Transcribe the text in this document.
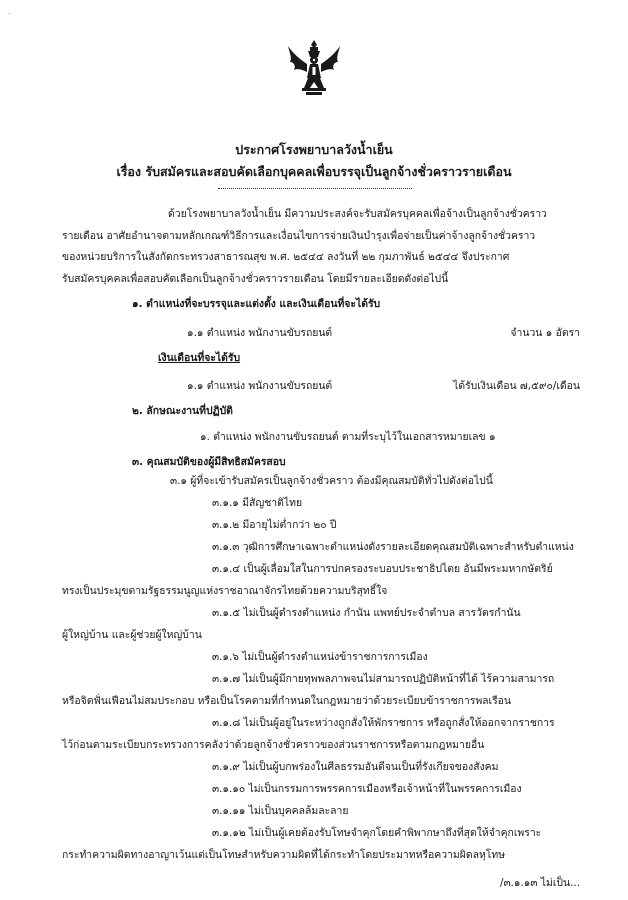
·
ประกาศโรงพยาบาลวังน้ำเย็น
เรื่อง รับสมัครและสอบคัดเลือกบุคคลเพื่อบรรจุเป็นลูกจ้างชั่วคราวรายเดือน
ด้วยโรงพยาบาลวังน้ำเย็น มีความประสงค์จะรับสมัครบุคคลเพื่อจ้างเป็นลูกจ้างชั่วคราว
รายเดือน อาศัยอำนาจตามหลักเกณฑ์วิธีการและเงื่อนไขการจ่ายเงินบำรุงเพื่อจ่ายเป็นค่าจ้างลูกจ้างชั่วคราว
ของหน่วยบริการในสังกัดกระทรวงสาธารณสุข พ.ศ. ๒๕๔๔ ลงวันที่ ๒๒ กุมภาพันธ์ ๒๕๔๔ จึงประกาศ
รับสมัครบุคคลเพื่อสอบคัดเลือกเป็นลูกจ้างชั่วคราวรายเดือน โดยมีรายละเอียดดังต่อไปนี้
๑. ตำแหน่งที่จะบรรจุและแต่งตั้ง และเงินเดือนที่จะได้รับ
๑.๑ ตำแหน่ง พนักงานขับรถยนต์	จำนวน ๑ อัตรา
เงินเดือนที่จะได้รับ
๑.๑ ตำแหน่ง พนักงานขับรถยนต์	ได้รับเงินเดือน ๗,๕๙๐/เดือน
๒. ลักษณะงานที่ปฏิบัติ
๑. ตำแหน่ง พนักงานขับรถยนต์ ตามที่ระบุไว้ในเอกสารหมายเลข ๑
๓. คุณสมบัติของผู้มีสิทธิสมัครสอบ
๓.๑ ผู้ที่จะเข้ารับสมัครเป็นลูกจ้างชั่วคราว ต้องมีคุณสมบัติทั่วไปดังต่อไปนี้
๓.๑.๑ มีสัญชาติไทย
๓.๑.๒ มีอายุไม่ต่ำกว่า ๒๐ ปี
๓.๑.๓ วุฒิการศึกษาเฉพาะตำแหน่งดังรายละเอียดคุณสมบัติเฉพาะสำหรับตำแหน่ง
๓.๑.๔ เป็นผู้เลื่อมใสในการปกครองระบอบประชาธิปไตย อันมีพระมหากษัตริย์
ทรงเป็นประมุขตามรัฐธรรมนูญแห่งราชอาณาจักรไทยด้วยความบริสุทธิ์ใจ
๓.๑.๕ ไม่เป็นผู้ดำรงตำแหน่ง กำนัน แพทย์ประจำตำบล สารวัตรกำนัน
ผู้ใหญ่บ้าน และผู้ช่วยผู้ใหญ่บ้าน
๓.๑.๖ ไม่เป็นผู้ดำรงตำแหน่งข้าราชการการเมือง
๓.๑.๗ ไม่เป็นผู้มีกายทุพพลภาพจนไม่สามารถปฏิบัติหน้าที่ได้ ไร้ความสามารถ
หรือจิตฟั่นเฟือนไม่สมประกอบ หรือเป็นโรคตามที่กำหนดในกฎหมายว่าด้วยระเบียบข้าราชการพลเรือน
๓.๑.๘ ไม่เป็นผู้อยู่ในระหว่างถูกสั่งให้พักราชการ หรือถูกสั่งให้ออกจากราชการ
ไว้ก่อนตามระเบียบกระทรวงการคลังว่าด้วยลูกจ้างชั่วคราวของส่วนราชการหรือตามกฎหมายอื่น
๓.๑.๙ ไม่เป็นผู้บกพร่องในศีลธรรมอันดีจนเป็นที่รังเกียจของสังคม
๓.๑.๑๐ ไม่เป็นกรรมการพรรคการเมืองหรือเจ้าหน้าที่ในพรรคการเมือง
๓.๑.๑๑ ไม่เป็นบุคคลล้มละลาย
๓.๑.๑๒ ไม่เป็นผู้เคยต้องรับโทษจำคุกโดยคำพิพากษาถึงที่สุดให้จำคุกเพราะ
กระทำความผิดทางอาญาเว้นแต่เป็นโทษสำหรับความผิดที่ได้กระทำโดยประมาทหรือความผิดลหุโทษ
/๓.๑.๑๓ ไม่เป็น...
